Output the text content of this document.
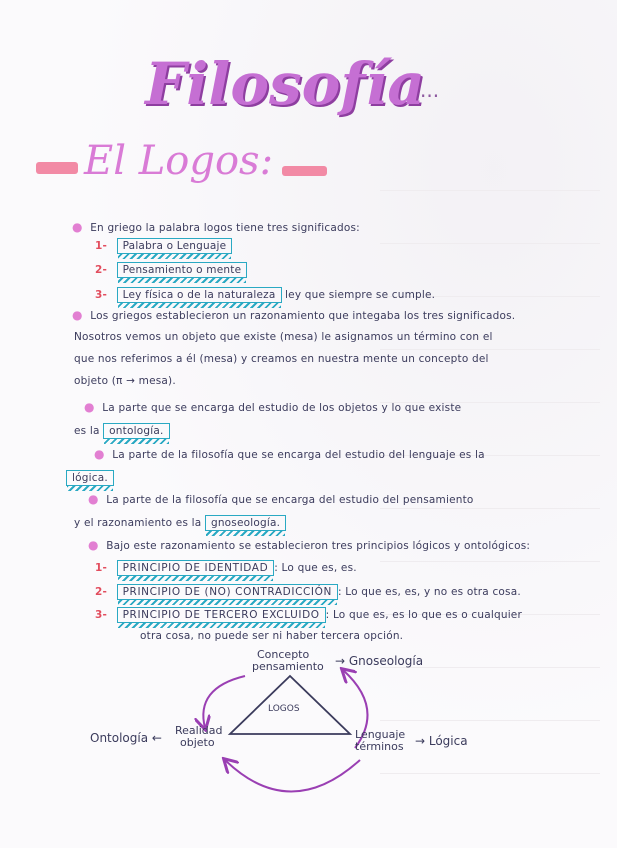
Filosofía
...
El Logos:
● En griego la palabra logos tiene tres significados:
1- Palabra o Lenguaje
2- Pensamiento o mente
3- Ley física o de la naturaleza ley que siempre se cumple.
● Los griegos establecieron un razonamiento que integaba los tres significados.
Nosotros vemos un objeto que existe (mesa) le asignamos un término con el
que nos referimos a él (mesa) y creamos en nuestra mente un concepto del
objeto (π → mesa).
● La parte que se encarga del estudio de los objetos y lo que existe
es la ontología.
● La parte de la filosofía que se encarga del estudio del lenguaje es la
lógica.
● La parte de la filosofía que se encarga del estudio del pensamiento
y el razonamiento es la gnoseología.
● Bajo este razonamiento se establecieron tres principios lógicos y ontológicos:
1- PRINCIPIO DE IDENTIDAD : Lo que es, es.
2- PRINCIPIO DE (NO) CONTRADICCIÓN : Lo que es, es, y no es otra cosa.
3- PRINCIPIO DE TERCERO EXCLUIDO : Lo que es, es lo que es o cualquier
otra cosa, no puede ser ni haber tercera opción.
LOGOS
Concepto
pensamiento → Gnoseología
Realidad
objeto
Ontología ←	Lenguaje
términos → Lógica
